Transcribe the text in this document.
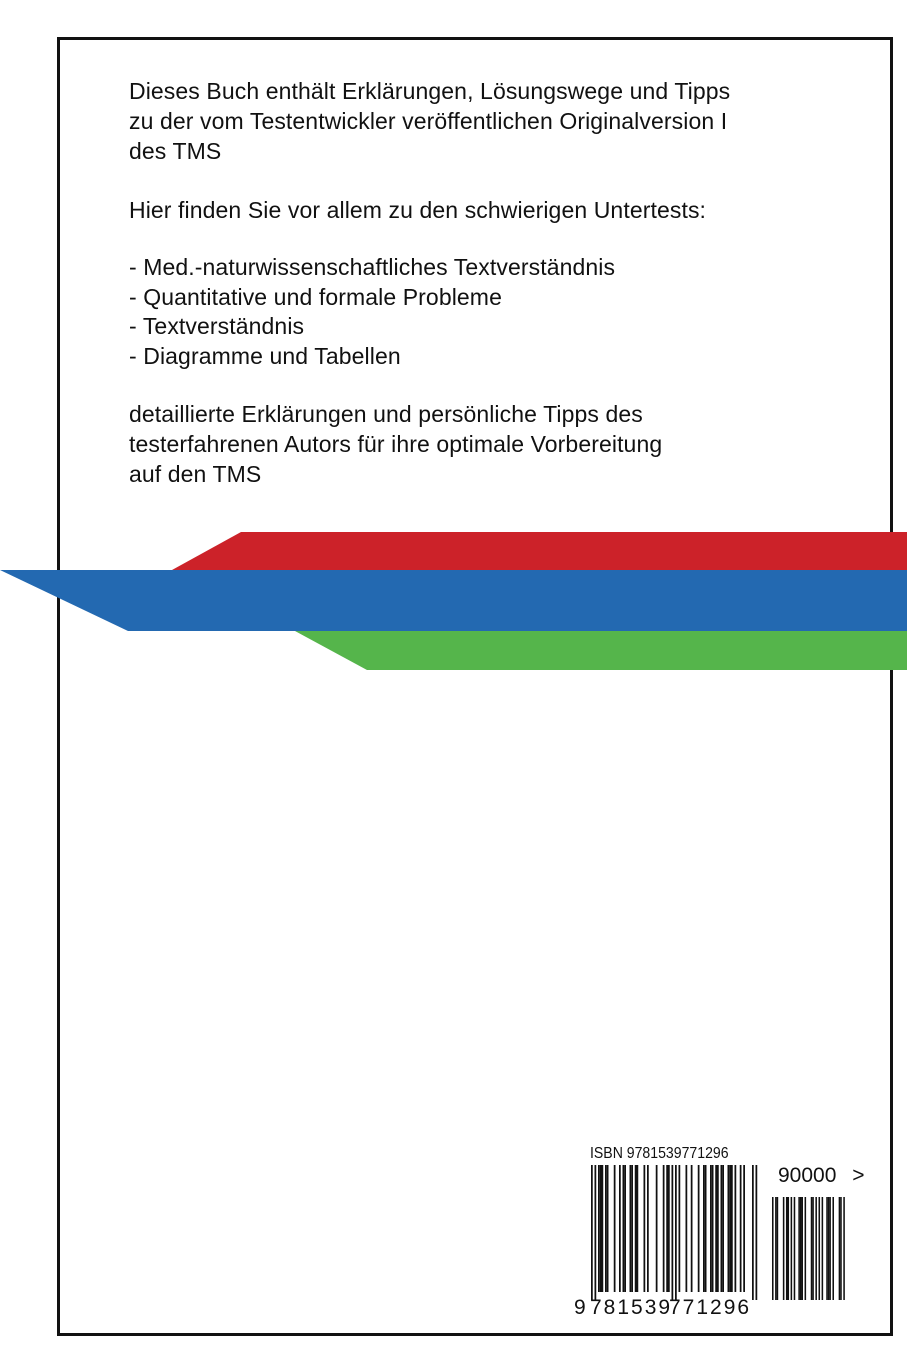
Dieses Buch enthält Erklärungen, Lösungswege und Tipps

zu der vom Testentwickler veröffentlichen Originalversion I

des TMS

Hier finden Sie vor allem zu den schwierigen Untertests:

- Med.-naturwissenschaftliches Textverständnis

- Quantitative und formale Probleme

- Textverständnis

- Diagramme und Tabellen

detaillierte Erklärungen und persönliche Tipps des

testerfahrenen Autors für ihre optimale Vorbereitung

auf den TMS

ISBN 9781539771296
90000 >
9 781539
771296
